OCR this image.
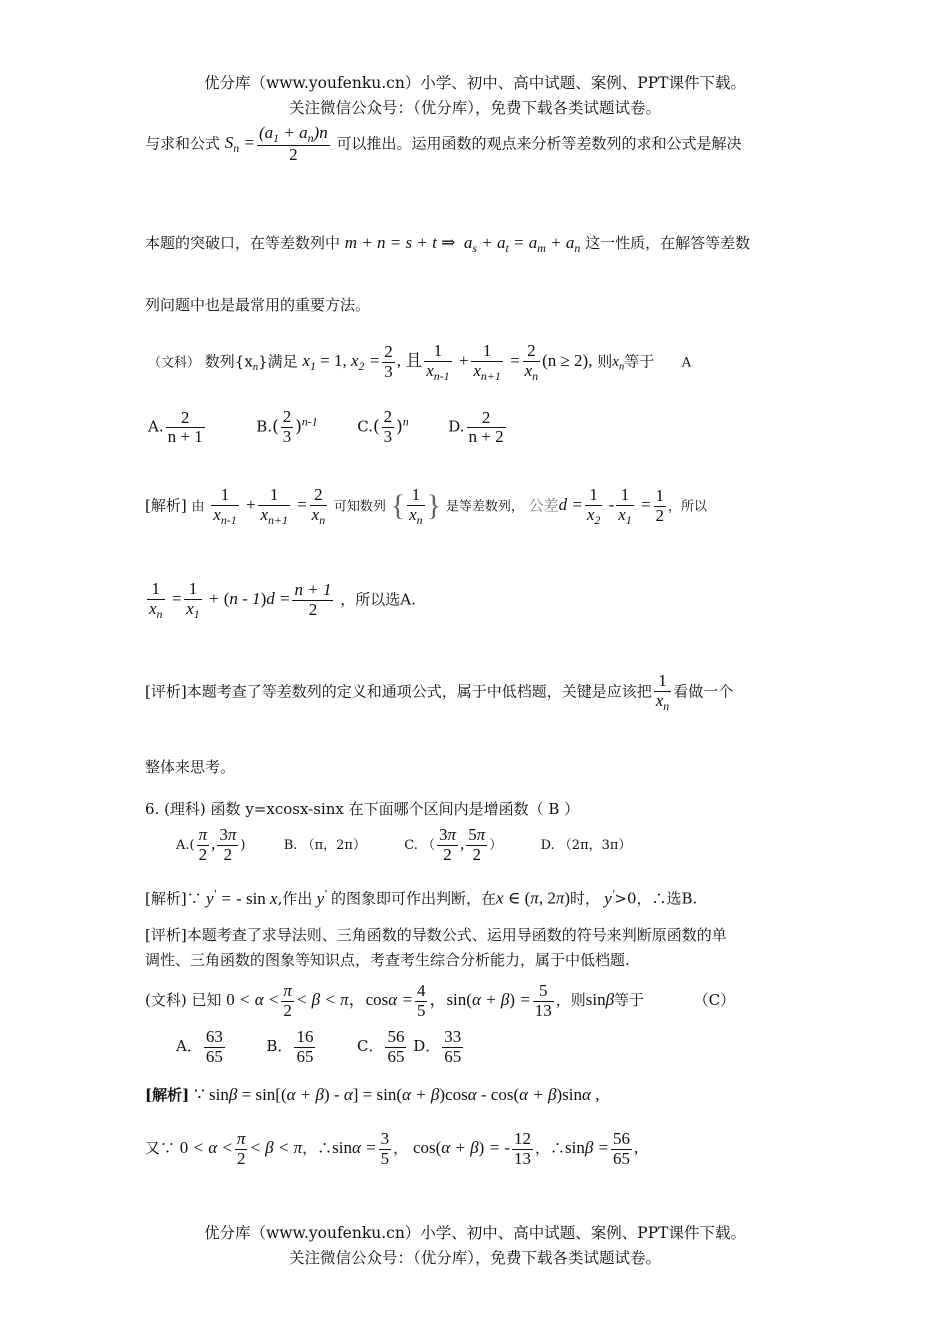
优分库（www.youfenku.cn）小学、初中、高中试题、案例、PPT课件下载。
关注微信公众号：（优分库），免费下载各类试题试卷。
与求和公式 $S_n = \frac{(a_1 + a_n)n}{2}$ 可以推出。运用函数的观点来分析等差数列的求和公式是解决
本题的突破口，在等差数列中 m + n = s + t ⇒  $a_s + a_t = a_m + a_n$ 这一性质，在解答等差数
列问题中也是最常用的重要方法。
（文科） 数列$\{x_n\}$满足 $x_1 = 1$, $x_2 = \frac{2}{3}$ , 且 $\frac{1}{x_{n-1}} + \frac{1}{x_{n+1}} = \frac{2}{x_n} (n \ge 2)$, 则$x_n$等于 A
A. $\frac{2}{n + 1}$	$B.( \frac{2}{3} )^{n-1}$	$C.( \frac{2}{3} )^n$	D. $\frac{2}{n + 2}$
[解析] 由 $\frac{1}{x_{n-1}} + \frac{1}{x_{n+1}} = \frac{2}{x_n}$ 可知数列 { $\frac{1}{x_n}$ } 是等差数列， 公差$d = \frac{1}{x_2} - \frac{1}{x_1} = \frac{1}{2}$ ，所以
$\frac{1}{x_n} = \frac{1}{x_1} + (n - 1)d = \frac{n + 1}{2}$ ，所以选A.
[评析]本题考查了等差数列的定义和通项公式，属于中低档题，关键是应该把 $\frac{1}{x_n}$ 看做一个
整体来思考。
6. (理科) 函数 y=xcosx-sinx 在下面哪个区间内是增函数（ B ）
$A.( \frac{\pi}{2}$ , $\frac{3\pi}{2}$ )	B. （π，2π）	C. （ $\frac{3\pi}{2}$ , $\frac{5\pi}{2}$ ）	D. （2π，3π）
[解析]∵ y' = - sin x,作出 y' 的图象即可作出判断，在x ∈ (π, 2π)时， y'>0，∴选B.
[评析]本题考查了求导法则、三角函数的导数公式、运用导函数的符号来判断原函数的单
调性、三角函数的图象等知识点，考查考生综合分析能力，属于中低档题.
(文科) 已知 $0 < \alpha < \frac{\pi}{2} < \beta < \pi$，$\cos\alpha = \frac{4}{5}$ ，$\sin(\alpha + \beta) = \frac{5}{13}$ ，则sinβ等于	（C）
A． $\frac{63}{65}$	B． $\frac{16}{65}$	C． $\frac{56}{65}$ D． $\frac{33}{65}$
[解析] ∵ sinβ = sin[(α + β) - α] = sin(α + β)cosα - cos(α + β)sinα ,
又∵ $0 < \alpha < \frac{\pi}{2} < \beta < \pi$，∴sinα = $\frac{3}{5}$ ， cos(α + β) = - $\frac{12}{13}$ ，∴sinβ = $\frac{56}{65}$ ,
优分库（www.youfenku.cn）小学、初中、高中试题、案例、PPT课件下载。
关注微信公众号：（优分库），免费下载各类试题试卷。
